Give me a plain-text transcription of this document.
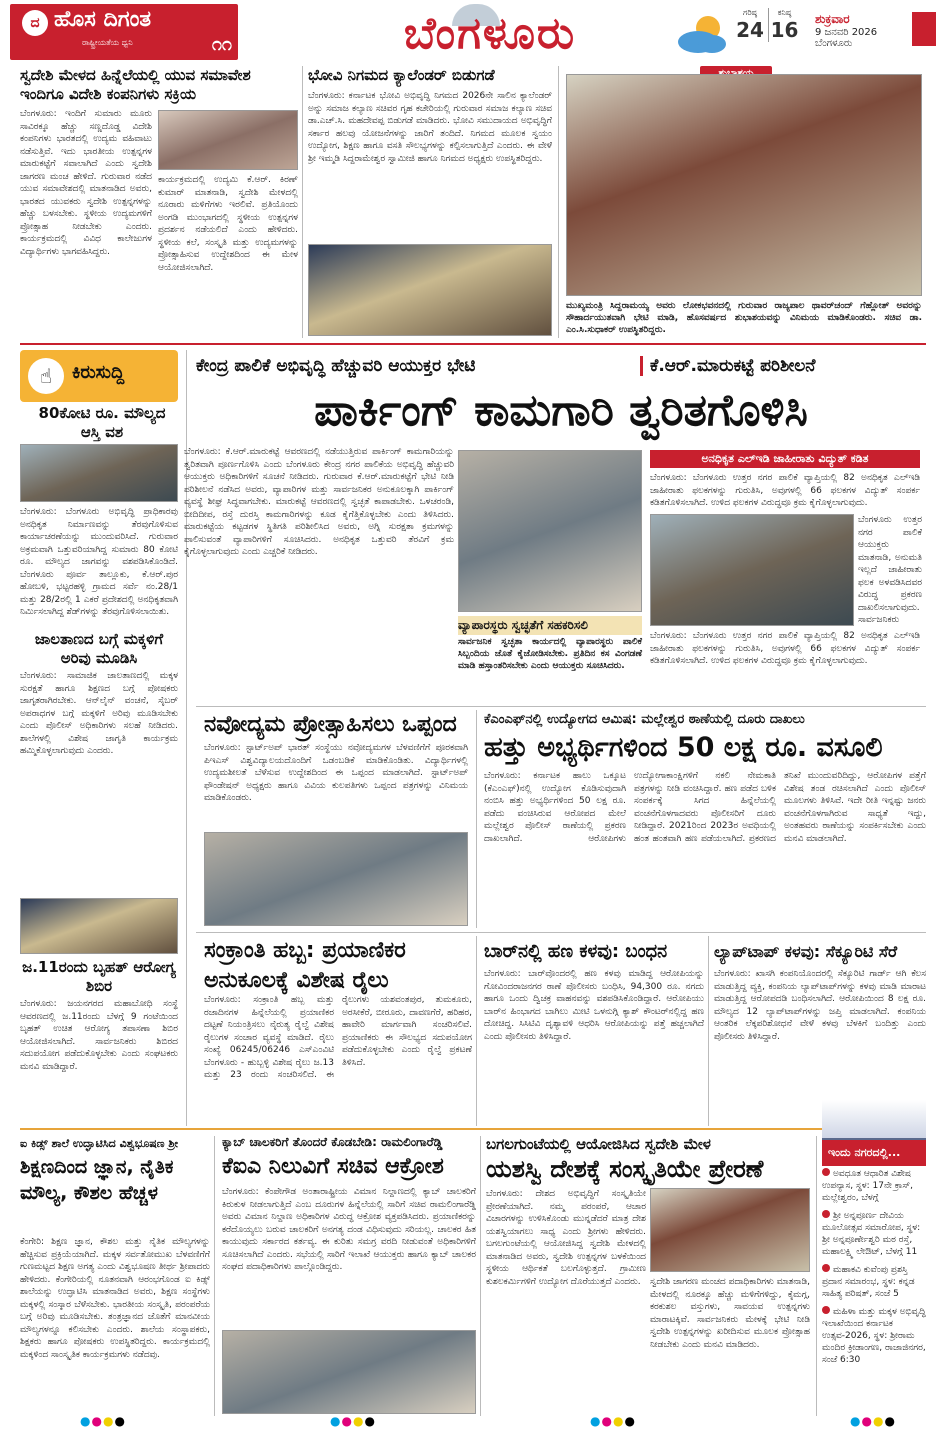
ದ ಹೊಸ ದಿಗಂತ
ರಾಷ್ಟ್ರೀಯತೆಯ ಧ್ವನಿ	೧೧	ಬೆಂಗಳೂರು	ಗರಿಷ್ಠ
24
ಕನಿಷ್ಠ
16 ಶುಕ್ರವಾರ
9 ಜನವರಿ 2026
ಬೆಂಗಳೂರು
ಸ್ವದೇಶಿ ಮೇಳದ ಹಿನ್ನೆಲೆಯಲ್ಲಿ ಯುವ ಸಮಾವೇಶ ಇಂದಿಗೂ ವಿದೇಶಿ ಕಂಪನಿಗಳು ಸಕ್ರಿಯ
ಬೆಂಗಳೂರು: ಇಂದಿಗೆ ಸುಮಾರು ಮೂರು ಸಾವಿರಕ್ಕೂ ಹೆಚ್ಚು ಸಣ್ಣದೊಡ್ಡ ವಿದೇಶಿ ಕಂಪನಿಗಳು ಭಾರತದಲ್ಲಿ ಉದ್ಯಮ ವಹಿವಾಟು ನಡೆಸುತ್ತಿವೆ. ಇದು ಭಾರತೀಯ ಉತ್ಪನ್ನಗಳ ಮಾರುಕಟ್ಟೆಗೆ ಸವಾಲಾಗಿದೆ ಎಂದು ಸ್ವದೇಶಿ ಜಾಗರಣ ಮಂಚ ಹೇಳಿದೆ. ಗುರುವಾರ ನಡೆದ ಯುವ ಸಮಾವೇಶದಲ್ಲಿ ಮಾತನಾಡಿದ ಅವರು, ಭಾರತದ ಯುವಕರು ಸ್ವದೇಶಿ ಉತ್ಪನ್ನಗಳನ್ನು ಹೆಚ್ಚು ಬಳಸಬೇಕು. ಸ್ಥಳೀಯ ಉದ್ಯಮಗಳಿಗೆ ಪ್ರೋತ್ಸಾಹ ನೀಡಬೇಕು ಎಂದರು. ಕಾರ್ಯಕ್ರಮದಲ್ಲಿ ವಿವಿಧ ಕಾಲೇಜುಗಳ ವಿದ್ಯಾರ್ಥಿಗಳು ಭಾಗವಹಿಸಿದ್ದರು.
ಕಾರ್ಯಕ್ರಮದಲ್ಲಿ ಉದ್ಯಮಿ ಕೆ.ಆರ್. ಕಿರಣ್ ಕುಮಾರ್ ಮಾತನಾಡಿ, ಸ್ವದೇಶಿ ಮೇಳದಲ್ಲಿ ನೂರಾರು ಮಳಿಗೆಗಳು ಇರಲಿವೆ. ಪ್ರತಿಯೊಂದು ಅಂಗಡಿ ಮುಂಭಾಗದಲ್ಲಿ ಸ್ಥಳೀಯ ಉತ್ಪನ್ನಗಳ ಪ್ರದರ್ಶನ ನಡೆಯಲಿದೆ ಎಂದು ಹೇಳಿದರು. ಸ್ಥಳೀಯ ಕಲೆ, ಸಂಸ್ಕೃತಿ ಮತ್ತು ಉದ್ಯಮಗಳನ್ನು ಪ್ರೋತ್ಸಾಹಿಸುವ ಉದ್ದೇಶದಿಂದ ಈ ಮೇಳ ಆಯೋಜಿಸಲಾಗಿದೆ.
ಭೋವಿ ನಿಗಮದ ಕ್ಯಾಲೆಂಡರ್ ಬಿಡುಗಡೆ
ಬೆಂಗಳೂರು: ಕರ್ನಾಟಕ ಭೋವಿ ಅಭಿವೃದ್ಧಿ ನಿಗಮದ 2026ನೇ ಸಾಲಿನ ಕ್ಯಾಲೆಂಡರ್ ಅನ್ನು ಸಮಾಜ ಕಲ್ಯಾಣ ಸಚಿವರ ಗೃಹ ಕಚೇರಿಯಲ್ಲಿ ಗುರುವಾರ ಸಮಾಜ ಕಲ್ಯಾಣ ಸಚಿವ ಡಾ.ಎಚ್.ಸಿ. ಮಹದೇವಪ್ಪ ಬಿಡುಗಡೆ ಮಾಡಿದರು. ಭೋವಿ ಸಮುದಾಯದ ಅಭಿವೃದ್ಧಿಗೆ ಸರ್ಕಾರ ಹಲವು ಯೋಜನೆಗಳನ್ನು ಜಾರಿಗೆ ತಂದಿದೆ. ನಿಗಮದ ಮೂಲಕ ಸ್ವಯಂ ಉದ್ಯೋಗ, ಶಿಕ್ಷಣ ಹಾಗೂ ವಸತಿ ಸೌಲಭ್ಯಗಳನ್ನು ಕಲ್ಪಿಸಲಾಗುತ್ತಿದೆ ಎಂದರು. ಈ ವೇಳೆ ಶ್ರೀ ಇಮ್ಮಡಿ ಸಿದ್ದರಾಮೇಶ್ವರ ಸ್ವಾಮೀಜಿ ಹಾಗೂ ನಿಗಮದ ಅಧ್ಯಕ್ಷರು ಉಪಸ್ಥಿತರಿದ್ದರು.
ಮುಖ್ಯಮಂತ್ರಿ ಸಿದ್ದರಾಮಯ್ಯ ಅವರು ಲೋಕಭವನದಲ್ಲಿ ಗುರುವಾರ ರಾಜ್ಯಪಾಲ ಥಾವರ್‌ಚಂದ್ ಗೆಹ್ಲೋತ್ ಅವರನ್ನು ಸೌಹಾರ್ದಯುತವಾಗಿ ಭೇಟಿ ಮಾಡಿ, ಹೊಸವರ್ಷದ ಶುಭಾಶಯವನ್ನು ವಿನಿಮಯ ಮಾಡಿಕೊಂಡರು. ಸಚಿವ ಡಾ. ಎಂ.ಸಿ.ಸುಧಾಕರ್ ಉಪಸ್ಥಿತರಿದ್ದರು.
☝	ಕಿರುಸುದ್ದಿ
80ಕೋಟಿ ರೂ. ಮೌಲ್ಯದ ಆಸ್ತಿ ವಶ
ಬೆಂಗಳೂರು: ಬೆಂಗಳೂರು ಅಭಿವೃದ್ಧಿ ಪ್ರಾಧಿಕಾರವು ಅನಧಿಕೃತ ನಿರ್ಮಾಣವನ್ನು ತೆರವುಗೊಳಿಸುವ ಕಾರ್ಯಾಚರಣೆಯನ್ನು ಮುಂದುವರಿಸಿದೆ. ಗುರುವಾರ ಅಕ್ರಮವಾಗಿ ಒತ್ತುವರಿಯಾಗಿದ್ದ ಸುಮಾರು 80 ಕೋಟಿ ರೂ. ಮೌಲ್ಯದ ಜಾಗವನ್ನು ವಶಪಡಿಸಿಕೊಂಡಿದೆ. ಬೆಂಗಳೂರು ಪೂರ್ವ ತಾಲ್ಲೂಕು, ಕೆ.ಆರ್.ಪುರ ಹೋಬಳಿ, ಭಟ್ಟರಹಳ್ಳಿ ಗ್ರಾಮದ ಸರ್ವೆ ನಂ.28/1 ಮತ್ತು 28/2ರಲ್ಲಿ 1 ಎಕರೆ ಪ್ರದೇಶದಲ್ಲಿ ಅನಧಿಕೃತವಾಗಿ ನಿರ್ಮಿಸಲಾಗಿದ್ದ ಶೆಡ್‌ಗಳನ್ನು ತೆರವುಗೊಳಿಸಲಾಯಿತು.
ಜಾಲತಾಣದ ಬಗ್ಗೆ ಮಕ್ಕಳಿಗೆ ಅರಿವು ಮೂಡಿಸಿ
ಬೆಂಗಳೂರು: ಸಾಮಾಜಿಕ ಜಾಲತಾಣದಲ್ಲಿ ಮಕ್ಕಳ ಸುರಕ್ಷತೆ ಹಾಗೂ ಶಿಕ್ಷಣದ ಬಗ್ಗೆ ಪೋಷಕರು ಜಾಗೃತರಾಗಿರಬೇಕು. ಆನ್‌ಲೈನ್ ವಂಚನೆ, ಸೈಬರ್ ಅಪರಾಧಗಳ ಬಗ್ಗೆ ಮಕ್ಕಳಿಗೆ ಅರಿವು ಮೂಡಿಸಬೇಕು ಎಂದು ಪೊಲೀಸ್ ಅಧಿಕಾರಿಗಳು ಸಲಹೆ ನೀಡಿದರು. ಶಾಲೆಗಳಲ್ಲಿ ವಿಶೇಷ ಜಾಗೃತಿ ಕಾರ್ಯಕ್ರಮ ಹಮ್ಮಿಕೊಳ್ಳಲಾಗುವುದು ಎಂದರು.
ಜ.11ರಂದು ಬೃಹತ್ ಆರೋಗ್ಯ ಶಿಬಿರ
ಬೆಂಗಳೂರು: ಜಯನಗರದ ಮಹಾಬೋಧಿ ಸಂಸ್ಥೆ ಆವರಣದಲ್ಲಿ ಜ.11ರಂದು ಬೆಳಗ್ಗೆ 9 ಗಂಟೆಯಿಂದ ಬೃಹತ್ ಉಚಿತ ಆರೋಗ್ಯ ತಪಾಸಣಾ ಶಿಬಿರ ಆಯೋಜಿಸಲಾಗಿದೆ. ಸಾರ್ವಜನಿಕರು ಶಿಬಿರದ ಸದುಪಯೋಗ ಪಡೆದುಕೊಳ್ಳಬೇಕು ಎಂದು ಸಂಘಟಕರು ಮನವಿ ಮಾಡಿದ್ದಾರೆ.
ಕೇಂದ್ರ ಪಾಲಿಕೆ ಅಭಿವೃದ್ಧಿ ಹೆಚ್ಚುವರಿ ಆಯುಕ್ತರ ಭೇಟಿ	ಕೆ.ಆರ್.ಮಾರುಕಟ್ಟೆ ಪರಿಶೀಲನೆ
ಪಾರ್ಕಿಂಗ್ ಕಾಮಗಾರಿ ತ್ವರಿತಗೊಳಿಸಿ
ಬೆಂಗಳೂರು: ಕೆ.ಆರ್.ಮಾರುಕಟ್ಟೆ ಆವರಣದಲ್ಲಿ ನಡೆಯುತ್ತಿರುವ ಪಾರ್ಕಿಂಗ್ ಕಾಮಗಾರಿಯನ್ನು ತ್ವರಿತವಾಗಿ ಪೂರ್ಣಗೊಳಿಸಿ ಎಂದು ಬೆಂಗಳೂರು ಕೇಂದ್ರ ನಗರ ಪಾಲಿಕೆಯ ಅಭಿವೃದ್ಧಿ ಹೆಚ್ಚುವರಿ ಆಯುಕ್ತರು ಅಧಿಕಾರಿಗಳಿಗೆ ಸೂಚನೆ ನೀಡಿದರು. ಗುರುವಾರ ಕೆ.ಆರ್.ಮಾರುಕಟ್ಟೆಗೆ ಭೇಟಿ ನೀಡಿ ಪರಿಶೀಲನೆ ನಡೆಸಿದ ಅವರು, ವ್ಯಾಪಾರಿಗಳ ಮತ್ತು ಸಾರ್ವಜನಿಕರ ಅನುಕೂಲಕ್ಕಾಗಿ ಪಾರ್ಕಿಂಗ್ ವ್ಯವಸ್ಥೆ ಶೀಘ್ರ ಸಿದ್ಧವಾಗಬೇಕು. ಮಾರುಕಟ್ಟೆ ಆವರಣದಲ್ಲಿ ಸ್ವಚ್ಛತೆ ಕಾಪಾಡಬೇಕು. ಒಳಚರಂಡಿ, ಬೀದಿದೀಪ, ರಸ್ತೆ ದುರಸ್ತಿ ಕಾಮಗಾರಿಗಳನ್ನು ಕೂಡ ಕೈಗೆತ್ತಿಕೊಳ್ಳಬೇಕು ಎಂದು ತಿಳಿಸಿದರು. ಮಾರುಕಟ್ಟೆಯ ಕಟ್ಟಡಗಳ ಸ್ಥಿತಿಗತಿ ಪರಿಶೀಲಿಸಿದ ಅವರು, ಅಗ್ನಿ ಸುರಕ್ಷತಾ ಕ್ರಮಗಳನ್ನು ಪಾಲಿಸುವಂತೆ ವ್ಯಾಪಾರಿಗಳಿಗೆ ಸೂಚಿಸಿದರು. ಅನಧಿಕೃತ ಒತ್ತುವರಿ ತೆರವಿಗೆ ಕ್ರಮ ಕೈಗೊಳ್ಳಲಾಗುವುದು ಎಂದು ಎಚ್ಚರಿಕೆ ನೀಡಿದರು.
ವ್ಯಾಪಾರಸ್ಥರು ಸ್ವಚ್ಛತೆಗೆ ಸಹಕರಿಸಲಿ
ಸಾರ್ವಜನಿಕ ಸ್ವಚ್ಛತಾ ಕಾರ್ಯದಲ್ಲಿ ವ್ಯಾಪಾರಸ್ಥರು ಪಾಲಿಕೆ ಸಿಬ್ಬಂದಿಯ ಜೊತೆ ಕೈಜೋಡಿಸಬೇಕು. ಪ್ರತಿದಿನ ಕಸ ವಿಂಗಡಣೆ ಮಾಡಿ ಹಸ್ತಾಂತರಿಸಬೇಕು ಎಂದು ಆಯುಕ್ತರು ಸೂಚಿಸಿದರು.
ಅನಧಿಕೃತ ಎಲ್‌ಇಡಿ ಜಾಹೀರಾತು ವಿದ್ಯುತ್ ಕಡಿತ
ಬೆಂಗಳೂರು: ಬೆಂಗಳೂರು ಉತ್ತರ ನಗರ ಪಾಲಿಕೆ ವ್ಯಾಪ್ತಿಯಲ್ಲಿ 82 ಅನಧಿಕೃತ ಎಲ್‌ಇಡಿ ಜಾಹೀರಾತು ಫಲಕಗಳನ್ನು ಗುರುತಿಸಿ, ಅವುಗಳಲ್ಲಿ 66 ಫಲಕಗಳ ವಿದ್ಯುತ್ ಸಂಪರ್ಕ ಕಡಿತಗೊಳಿಸಲಾಗಿದೆ. ಉಳಿದ ಫಲಕಗಳ ವಿರುದ್ಧವೂ ಕ್ರಮ ಕೈಗೊಳ್ಳಲಾಗುವುದು.
ಬೆಂಗಳೂರು ಉತ್ತರ ನಗರ ಪಾಲಿಕೆ ಆಯುಕ್ತರು ಮಾತನಾಡಿ, ಅನುಮತಿ ಇಲ್ಲದೆ ಜಾಹೀರಾತು ಫಲಕ ಅಳವಡಿಸಿದವರ ವಿರುದ್ಧ ಪ್ರಕರಣ ದಾಖಲಿಸಲಾಗುವುದು. ಸಾರ್ವಜನಿಕರು
ಬೆಂಗಳೂರು: ಬೆಂಗಳೂರು ಉತ್ತರ ನಗರ ಪಾಲಿಕೆ ವ್ಯಾಪ್ತಿಯಲ್ಲಿ 82 ಅನಧಿಕೃತ ಎಲ್‌ಇಡಿ ಜಾಹೀರಾತು ಫಲಕಗಳನ್ನು ಗುರುತಿಸಿ, ಅವುಗಳಲ್ಲಿ 66 ಫಲಕಗಳ ವಿದ್ಯುತ್ ಸಂಪರ್ಕ ಕಡಿತಗೊಳಿಸಲಾಗಿದೆ. ಉಳಿದ ಫಲಕಗಳ ವಿರುದ್ಧವೂ ಕ್ರಮ ಕೈಗೊಳ್ಳಲಾಗುವುದು.
ನವೋದ್ಯಮ ಪ್ರೋತ್ಸಾಹಿಸಲು ಒಪ್ಪಂದ
ಬೆಂಗಳೂರು: ಸ್ಟಾರ್ಟ್‌ಅಪ್ ಭಾರತ್ ಸಂಸ್ಥೆಯು ನವೋದ್ಯಮಗಳ ಬೆಳವಣಿಗೆಗೆ ಪೂರಕವಾಗಿ ಪಿಇಎಸ್ ವಿಶ್ವವಿದ್ಯಾಲಯದೊಂದಿಗೆ ಒಡಂಬಡಿಕೆ ಮಾಡಿಕೊಂಡಿತು. ವಿದ್ಯಾರ್ಥಿಗಳಲ್ಲಿ ಉದ್ಯಮಶೀಲತೆ ಬೆಳೆಸುವ ಉದ್ದೇಶದಿಂದ ಈ ಒಪ್ಪಂದ ಮಾಡಲಾಗಿದೆ. ಸ್ಟಾರ್ಟ್‌ಅಪ್ ಫೌಂಡೇಷನ್ ಅಧ್ಯಕ್ಷರು ಹಾಗೂ ವಿವಿಯ ಕುಲಪತಿಗಳು ಒಪ್ಪಂದ ಪತ್ರಗಳನ್ನು ವಿನಿಮಯ ಮಾಡಿಕೊಂಡರು.
ಕೆಎಂಎಫ್‌ನಲ್ಲಿ ಉದ್ಯೋಗದ ಆಮಿಷ: ಮಲ್ಲೇಶ್ವರ ಠಾಣೆಯಲ್ಲಿ ದೂರು ದಾಖಲು
ಹತ್ತು ಅಭ್ಯರ್ಥಿಗಳಿಂದ 50 ಲಕ್ಷ ರೂ. ವಸೂಲಿ
ಬೆಂಗಳೂರು: ಕರ್ನಾಟಕ ಹಾಲು ಒಕ್ಕೂಟ (ಕೆಎಂಎಫ್)ನಲ್ಲಿ ಉದ್ಯೋಗ ಕೊಡಿಸುವುದಾಗಿ ನಂಬಿಸಿ ಹತ್ತು ಅಭ್ಯರ್ಥಿಗಳಿಂದ 50 ಲಕ್ಷ ರೂ. ಪಡೆದು ವಂಚಿಸಿರುವ ಆರೋಪದ ಮೇಲೆ ಮಲ್ಲೇಶ್ವರ ಪೊಲೀಸ್ ಠಾಣೆಯಲ್ಲಿ ಪ್ರಕರಣ ದಾಖಲಾಗಿದೆ. ಆರೋಪಿಗಳು ಉದ್ಯೋಗಾಕಾಂಕ್ಷಿಗಳಿಗೆ ನಕಲಿ ನೇಮಕಾತಿ ಪತ್ರಗಳನ್ನು ನೀಡಿ ವಂಚಿಸಿದ್ದಾರೆ. ಹಣ ಪಡೆದ ಬಳಿಕ ಸಂಪರ್ಕಕ್ಕೆ ಸಿಗದ ಹಿನ್ನೆಲೆಯಲ್ಲಿ ವಂಚನೆಗೊಳಗಾದವರು ಪೊಲೀಸರಿಗೆ ದೂರು ನೀಡಿದ್ದಾರೆ. 2021ರಿಂದ 2023ರ ಅವಧಿಯಲ್ಲಿ ಹಂತ ಹಂತವಾಗಿ ಹಣ ಪಡೆಯಲಾಗಿದೆ. ಪ್ರಕರಣದ ತನಿಖೆ ಮುಂದುವರಿದಿದ್ದು, ಆರೋಪಿಗಳ ಪತ್ತೆಗೆ ವಿಶೇಷ ತಂಡ ರಚಿಸಲಾಗಿದೆ ಎಂದು ಪೊಲೀಸ್ ಮೂಲಗಳು ತಿಳಿಸಿವೆ. ಇದೇ ರೀತಿ ಇನ್ನಷ್ಟು ಜನರು ವಂಚನೆಗೊಳಗಾಗಿರುವ ಸಾಧ್ಯತೆ ಇದ್ದು, ಅಂತಹವರು ಠಾಣೆಯನ್ನು ಸಂಪರ್ಕಿಸಬೇಕು ಎಂದು ಮನವಿ ಮಾಡಲಾಗಿದೆ.
ಸಂಕ್ರಾಂತಿ ಹಬ್ಬ: ಪ್ರಯಾಣಿಕರ ಅನುಕೂಲಕ್ಕೆ ವಿಶೇಷ ರೈಲು
ಬೆಂಗಳೂರು: ಸಂಕ್ರಾಂತಿ ಹಬ್ಬ ಮತ್ತು ರಜಾದಿನಗಳ ಹಿನ್ನೆಲೆಯಲ್ಲಿ ಪ್ರಯಾಣಿಕರ ದಟ್ಟಣೆ ನಿಯಂತ್ರಿಸಲು ನೈರುತ್ಯ ರೈಲ್ವೆ ವಿಶೇಷ ರೈಲುಗಳ ಸಂಚಾರ ವ್ಯವಸ್ಥೆ ಮಾಡಿದೆ. ರೈಲು ಸಂಖ್ಯೆ 06245/06246 ಎಸ್ಎಂವಿಟಿ ಬೆಂಗಳೂರು - ಹುಬ್ಬಳ್ಳಿ ವಿಶೇಷ ರೈಲು ಜ.13 ಮತ್ತು 23 ರಂದು ಸಂಚರಿಸಲಿದೆ. ಈ ರೈಲುಗಳು ಯಶವಂತಪುರ, ತುಮಕೂರು, ಅರಸೀಕೆರೆ, ಬೀರೂರು, ದಾವಣಗೆರೆ, ಹರಿಹರ, ಹಾವೇರಿ ಮಾರ್ಗವಾಗಿ ಸಂಚರಿಸಲಿವೆ. ಪ್ರಯಾಣಿಕರು ಈ ಸೌಲಭ್ಯದ ಸದುಪಯೋಗ ಪಡೆದುಕೊಳ್ಳಬೇಕು ಎಂದು ರೈಲ್ವೆ ಪ್ರಕಟಣೆ ತಿಳಿಸಿದೆ.
ಬಾರ್‌ನಲ್ಲಿ ಹಣ ಕಳವು: ಬಂಧನ
ಬೆಂಗಳೂರು: ಬಾರ್‌ವೊಂದರಲ್ಲಿ ಹಣ ಕಳವು ಮಾಡಿದ್ದ ಆರೋಪಿಯನ್ನು ಗೋವಿಂದರಾಜನಗರ ಠಾಣೆ ಪೊಲೀಸರು ಬಂಧಿಸಿ, 94,300 ರೂ. ನಗದು ಹಾಗೂ ಒಂದು ದ್ವಿಚಕ್ರ ವಾಹನವನ್ನು ವಶಪಡಿಸಿಕೊಂಡಿದ್ದಾರೆ. ಆರೋಪಿಯು ಬಾರ್‌ನ ಹಿಂಭಾಗದ ಬಾಗಿಲು ಮೀಟಿ ಒಳನುಗ್ಗಿ ಕ್ಯಾಶ್ ಕೌಂಟರ್‌ನಲ್ಲಿದ್ದ ಹಣ ದೋಚಿದ್ದ. ಸಿಸಿಟಿವಿ ದೃಶ್ಯಾವಳಿ ಆಧರಿಸಿ ಆರೋಪಿಯನ್ನು ಪತ್ತೆ ಹಚ್ಚಲಾಗಿದೆ ಎಂದು ಪೊಲೀಸರು ತಿಳಿಸಿದ್ದಾರೆ.
ಲ್ಯಾಪ್‌ಟಾಪ್ ಕಳವು: ಸೆಕ್ಯೂರಿಟಿ ಸೆರೆ
ಬೆಂಗಳೂರು: ಖಾಸಗಿ ಕಂಪನಿಯೊಂದರಲ್ಲಿ ಸೆಕ್ಯೂರಿಟಿ ಗಾರ್ಡ್ ಆಗಿ ಕೆಲಸ ಮಾಡುತ್ತಿದ್ದ ವ್ಯಕ್ತಿ, ಕಂಪನಿಯ ಲ್ಯಾಪ್‌ಟಾಪ್‌ಗಳನ್ನು ಕಳವು ಮಾಡಿ ಮಾರಾಟ ಮಾಡುತ್ತಿದ್ದ ಆರೋಪದಡಿ ಬಂಧಿಸಲಾಗಿದೆ. ಆರೋಪಿಯಿಂದ 8 ಲಕ್ಷ ರೂ. ಮೌಲ್ಯದ 12 ಲ್ಯಾಪ್‌ಟಾಪ್‌ಗಳನ್ನು ಜಪ್ತಿ ಮಾಡಲಾಗಿದೆ. ಕಂಪನಿಯ ಆಂತರಿಕ ಲೆಕ್ಕಪರಿಶೋಧನೆ ವೇಳೆ ಕಳವು ಬೆಳಕಿಗೆ ಬಂದಿತ್ತು ಎಂದು ಪೊಲೀಸರು ತಿಳಿಸಿದ್ದಾರೆ.
ಐ ಕಿಡ್ಸ್ ಶಾಲೆ ಉದ್ಘಾಟಿಸಿದ ವಿಶ್ವಭೂಷಣ ಶ್ರೀ
ಶಿಕ್ಷಣದಿಂದ ಜ್ಞಾನ, ನೈತಿಕ ಮೌಲ್ಯ, ಕೌಶಲ ಹೆಚ್ಚಳ
ಕೆಂಗೇರಿ: ಶಿಕ್ಷಣ ಜ್ಞಾನ, ಕೌಶಲ ಮತ್ತು ನೈತಿಕ ಮೌಲ್ಯಗಳನ್ನು ಹೆಚ್ಚಿಸುವ ಪ್ರಕ್ರಿಯೆಯಾಗಿದೆ. ಮಕ್ಕಳ ಸರ್ವತೋಮುಖ ಬೆಳವಣಿಗೆಗೆ ಗುಣಮಟ್ಟದ ಶಿಕ್ಷಣ ಅಗತ್ಯ ಎಂದು ವಿಶ್ವಭೂಷಣ ತೀರ್ಥ ಶ್ರೀಪಾದರು ಹೇಳಿದರು. ಕೆಂಗೇರಿಯಲ್ಲಿ ನೂತನವಾಗಿ ಆರಂಭಗೊಂಡ ಐ ಕಿಡ್ಸ್ ಶಾಲೆಯನ್ನು ಉದ್ಘಾಟಿಸಿ ಮಾತನಾಡಿದ ಅವರು, ಶಿಕ್ಷಣ ಸಂಸ್ಥೆಗಳು ಮಕ್ಕಳಲ್ಲಿ ಸಂಸ್ಕಾರ ಬೆಳೆಸಬೇಕು. ಭಾರತೀಯ ಸಂಸ್ಕೃತಿ, ಪರಂಪರೆಯ ಬಗ್ಗೆ ಅರಿವು ಮೂಡಿಸಬೇಕು. ತಂತ್ರಜ್ಞಾನದ ಜೊತೆಗೆ ಮಾನವೀಯ ಮೌಲ್ಯಗಳನ್ನೂ ಕಲಿಸಬೇಕು ಎಂದರು. ಶಾಲೆಯ ಸಂಸ್ಥಾಪಕರು, ಶಿಕ್ಷಕರು ಹಾಗೂ ಪೋಷಕರು ಉಪಸ್ಥಿತರಿದ್ದರು. ಕಾರ್ಯಕ್ರಮದಲ್ಲಿ ಮಕ್ಕಳಿಂದ ಸಾಂಸ್ಕೃತಿಕ ಕಾರ್ಯಕ್ರಮಗಳು ನಡೆದವು.
ಕ್ಯಾಬ್ ಚಾಲಕರಿಗೆ ತೊಂದರೆ ಕೊಡಬೇಡಿ: ರಾಮಲಿಂಗಾರೆಡ್ಡಿ
ಕೆಐಎ ನಿಲುವಿಗೆ ಸಚಿವ ಆಕ್ರೋಶ
ಬೆಂಗಳೂರು: ಕೆಂಪೇಗೌಡ ಅಂತಾರಾಷ್ಟ್ರೀಯ ವಿಮಾನ ನಿಲ್ದಾಣದಲ್ಲಿ ಕ್ಯಾಬ್ ಚಾಲಕರಿಗೆ ಕಿರುಕುಳ ನೀಡಲಾಗುತ್ತಿದೆ ಎಂಬ ದೂರುಗಳ ಹಿನ್ನೆಲೆಯಲ್ಲಿ ಸಾರಿಗೆ ಸಚಿವ ರಾಮಲಿಂಗಾರೆಡ್ಡಿ ಅವರು ವಿಮಾನ ನಿಲ್ದಾಣ ಅಧಿಕಾರಿಗಳ ವಿರುದ್ಧ ಆಕ್ರೋಶ ವ್ಯಕ್ತಪಡಿಸಿದರು. ಪ್ರಯಾಣಿಕರನ್ನು ಕರೆದೊಯ್ಯಲು ಬರುವ ಚಾಲಕರಿಗೆ ಅನಗತ್ಯ ದಂಡ ವಿಧಿಸುವುದು ಸರಿಯಲ್ಲ. ಚಾಲಕರ ಹಿತ ಕಾಯುವುದು ಸರ್ಕಾರದ ಕರ್ತವ್ಯ. ಈ ಕುರಿತು ಸಮಗ್ರ ವರದಿ ನೀಡುವಂತೆ ಅಧಿಕಾರಿಗಳಿಗೆ ಸೂಚಿಸಲಾಗಿದೆ ಎಂದರು. ಸಭೆಯಲ್ಲಿ ಸಾರಿಗೆ ಇಲಾಖೆ ಆಯುಕ್ತರು ಹಾಗೂ ಕ್ಯಾಬ್ ಚಾಲಕರ ಸಂಘದ ಪದಾಧಿಕಾರಿಗಳು ಪಾಲ್ಗೊಂಡಿದ್ದರು.
ಬಗಲಗುಂಟೆಯಲ್ಲಿ ಆಯೋಜಿಸಿದ ಸ್ವದೇಶಿ ಮೇಳ
ಯಶಸ್ವಿ ದೇಶಕ್ಕೆ ಸಂಸ್ಕೃತಿಯೇ ಪ್ರೇರಣೆ
ಬೆಂಗಳೂರು: ದೇಶದ ಅಭಿವೃದ್ಧಿಗೆ ಸಂಸ್ಕೃತಿಯೇ ಪ್ರೇರಣೆಯಾಗಿದೆ. ನಮ್ಮ ಪರಂಪರೆ, ಆಚಾರ ವಿಚಾರಗಳನ್ನು ಉಳಿಸಿಕೊಂಡು ಮುನ್ನಡೆದರೆ ಮಾತ್ರ ದೇಶ ಯಶಸ್ವಿಯಾಗಲು ಸಾಧ್ಯ ಎಂದು ಶ್ರೀಗಳು ಹೇಳಿದರು. ಬಗಲಗುಂಟೆಯಲ್ಲಿ ಆಯೋಜಿಸಿದ್ದ ಸ್ವದೇಶಿ ಮೇಳದಲ್ಲಿ ಮಾತನಾಡಿದ ಅವರು, ಸ್ವದೇಶಿ ಉತ್ಪನ್ನಗಳ ಬಳಕೆಯಿಂದ ಸ್ಥಳೀಯ ಆರ್ಥಿಕತೆ ಬಲಗೊಳ್ಳುತ್ತದೆ. ಗ್ರಾಮೀಣ ಕುಶಲಕರ್ಮಿಗಳಿಗೆ ಉದ್ಯೋಗ ದೊರೆಯುತ್ತದೆ ಎಂದರು.	ಸ್ವದೇಶಿ ಜಾಗರಣ ಮಂಚದ ಪದಾಧಿಕಾರಿಗಳು ಮಾತನಾಡಿ, ಮೇಳದಲ್ಲಿ ನೂರಕ್ಕೂ ಹೆಚ್ಚು ಮಳಿಗೆಗಳಿದ್ದು, ಕೈಮಗ್ಗ, ಕರಕುಶಲ ವಸ್ತುಗಳು, ಸಾವಯವ ಉತ್ಪನ್ನಗಳು ಮಾರಾಟಕ್ಕಿವೆ. ಸಾರ್ವಜನಿಕರು ಮೇಳಕ್ಕೆ ಭೇಟಿ ನೀಡಿ ಸ್ವದೇಶಿ ಉತ್ಪನ್ನಗಳನ್ನು ಖರೀದಿಸುವ ಮೂಲಕ ಪ್ರೋತ್ಸಾಹ ನೀಡಬೇಕು ಎಂದು ಮನವಿ ಮಾಡಿದರು.
ಇಂದು ನಗರದಲ್ಲಿ...
ಅವಧೂತ ಆಧಾರಿತ ವಿಶೇಷ ಉಪನ್ಯಾಸ, ಸ್ಥಳ: 17ನೇ ಕ್ರಾಸ್, ಮಲ್ಲೇಶ್ವರಂ, ಬೆಳಗ್ಗೆ
ಶ್ರೀ ಅನ್ನಪೂರ್ಣ ದೇವಿಯ ಮೂಲೋತ್ಸವ ಸಮಾರೋಪ, ಸ್ಥಳ: ಶ್ರೀ ಅನ್ನಪೂರ್ಣೇಶ್ವರಿ ಮಠ ರಸ್ತೆ, ಮಹಾಲಕ್ಷ್ಮಿ ಲೇಔಟ್, ಬೆಳಗ್ಗೆ 11
ಮಹಾಕವಿ ಕುವೆಂಪು ಪ್ರಶಸ್ತಿ ಪ್ರದಾನ ಸಮಾರಂಭ, ಸ್ಥಳ: ಕನ್ನಡ ಸಾಹಿತ್ಯ ಪರಿಷತ್, ಸಂಜೆ 5
ಮಹಿಳಾ ಮತ್ತು ಮಕ್ಕಳ ಅಭಿವೃದ್ಧಿ ಇಲಾಖೆಯಿಂದ ಕರ್ನಾಟಕ ಉತ್ಸವ-2026, ಸ್ಥಳ: ಶ್ರೀರಾಮ ಮಂದಿರ ಕ್ರೀಡಾಂಗಣ, ರಾಜಾಜಿನಗರ, ಸಂಜೆ 6:30
●●●●	●●●●	●●●●	●●●●
